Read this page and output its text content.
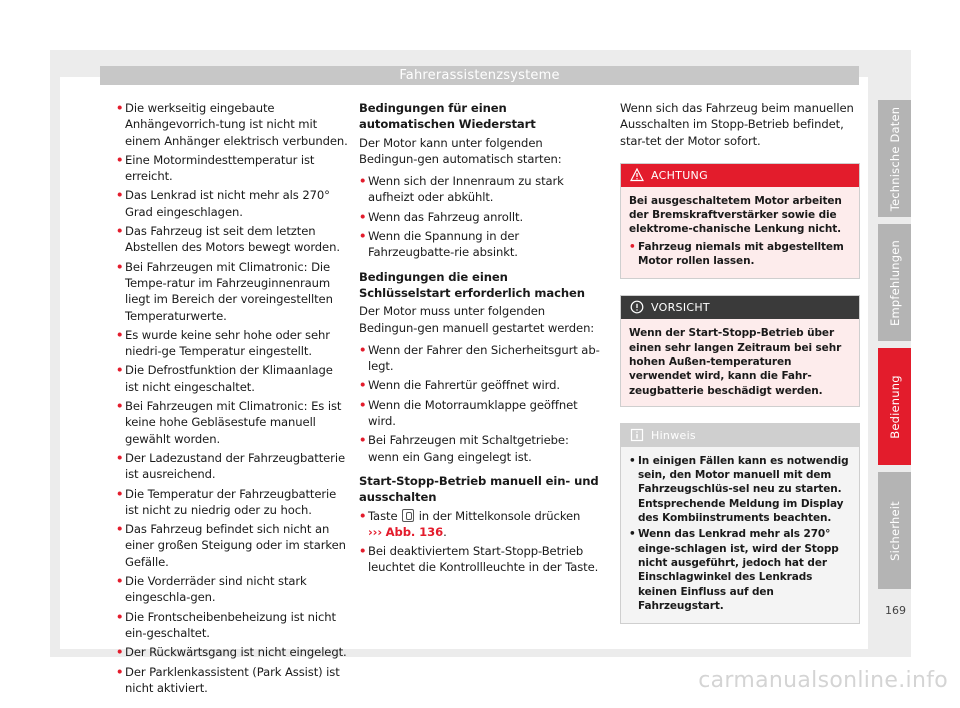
Fahrerassistenzsysteme
• Die werkseitig eingebaute Anhängevorrich-tung ist nicht mit einem Anhänger elektrisch verbunden.
• Eine Motormindesttemperatur ist erreicht.
• Das Lenkrad ist nicht mehr als 270° Grad eingeschlagen.
• Das Fahrzeug ist seit dem letzten Abstellen des Motors bewegt worden.
• Bei Fahrzeugen mit Climatronic: Die Tempe-ratur im Fahrzeuginnenraum liegt im Bereich der voreingestellten Temperaturwerte.
• Es wurde keine sehr hohe oder sehr niedri-ge Temperatur eingestellt.
• Die Defrostfunktion der Klimaanlage ist nicht eingeschaltet.
• Bei Fahrzeugen mit Climatronic: Es ist keine hohe Gebläsestufe manuell gewählt worden.
• Der Ladezustand der Fahrzeugbatterie ist ausreichend.
• Die Temperatur der Fahrzeugbatterie ist nicht zu niedrig oder zu hoch.
• Das Fahrzeug befindet sich nicht an einer großen Steigung oder im starken Gefälle.
• Die Vorderräder sind nicht stark eingeschla-gen.
• Die Frontscheibenbeheizung ist nicht ein-geschaltet.
• Der Rückwärtsgang ist nicht eingelegt.
• Der Parklenkassistent (Park Assist) ist nicht aktiviert.
Bedingungen für einen automatischen Wiederstart
Der Motor kann unter folgenden Bedingun-gen automatisch starten:
• Wenn sich der Innenraum zu stark aufheizt oder abkühlt.
• Wenn das Fahrzeug anrollt.
• Wenn die Spannung in der Fahrzeugbatte-rie absinkt.
Bedingungen die einen Schlüsselstart erforderlich machen
Der Motor muss unter folgenden Bedingun-gen manuell gestartet werden:
• Wenn der Fahrer den Sicherheitsgurt ab-legt.
• Wenn die Fahrertür geöffnet wird.
• Wenn die Motorraumklappe geöffnet wird.
• Bei Fahrzeugen mit Schaltgetriebe: wenn ein Gang eingelegt ist.
Start-Stopp-Betrieb manuell ein- und ausschalten
• Taste in der Mittelkonsole drücken
››› Abb. 136.
• Bei deaktiviertem Start-Stopp-Betrieb leuchtet die Kontrollleuchte in der Taste.
Wenn sich das Fahrzeug beim manuellen Ausschalten im Stopp-Betrieb befindet, star-tet der Motor sofort.
ACHTUNG
Bei ausgeschaltetem Motor arbeiten der Bremskraftverstärker sowie die elektrome-chanische Lenkung nicht.
• Fahrzeug niemals mit abgestelltem Motor rollen lassen.
VORSICHT
Wenn der Start-Stopp-Betrieb über einen sehr langen Zeitraum bei sehr hohen Außen-temperaturen verwendet wird, kann die Fahr-zeugbatterie beschädigt werden.
Hinweis
• In einigen Fällen kann es notwendig sein, den Motor manuell mit dem Fahrzeugschlüs-sel neu zu starten. Entsprechende Meldung im Display des Kombiinstruments beachten.
• Wenn das Lenkrad mehr als 270° einge-schlagen ist, wird der Stopp nicht ausgeführt, jedoch hat der Einschlagwinkel des Lenkrads keinen Einfluss auf den Fahrzeugstart.
Technische Daten
Empfehlungen
Bedienung
Sicherheit
169
carmanualsonline.info
